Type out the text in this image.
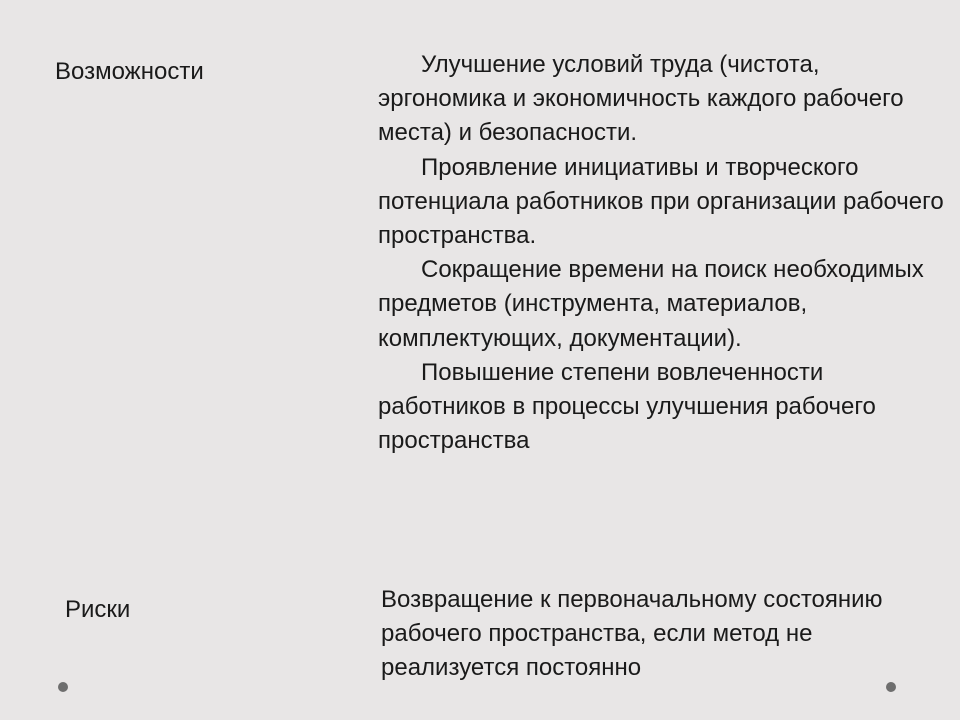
Возможности	Улучшение условий труда (чистота, эргономика и экономичность каждого рабочего места) и безопасности.

Проявление инициативы и творческого потенциала работников при организации рабочего пространства.

Сокращение времени на поиск необходимых предметов (инструмента, материалов, комплектующих, документации).

Повышение степени вовлеченности работников в процессы улучшения рабочего пространства

Риски	Возвращение к первоначальному состоянию рабочего пространства, если метод не реализуется постоянно
